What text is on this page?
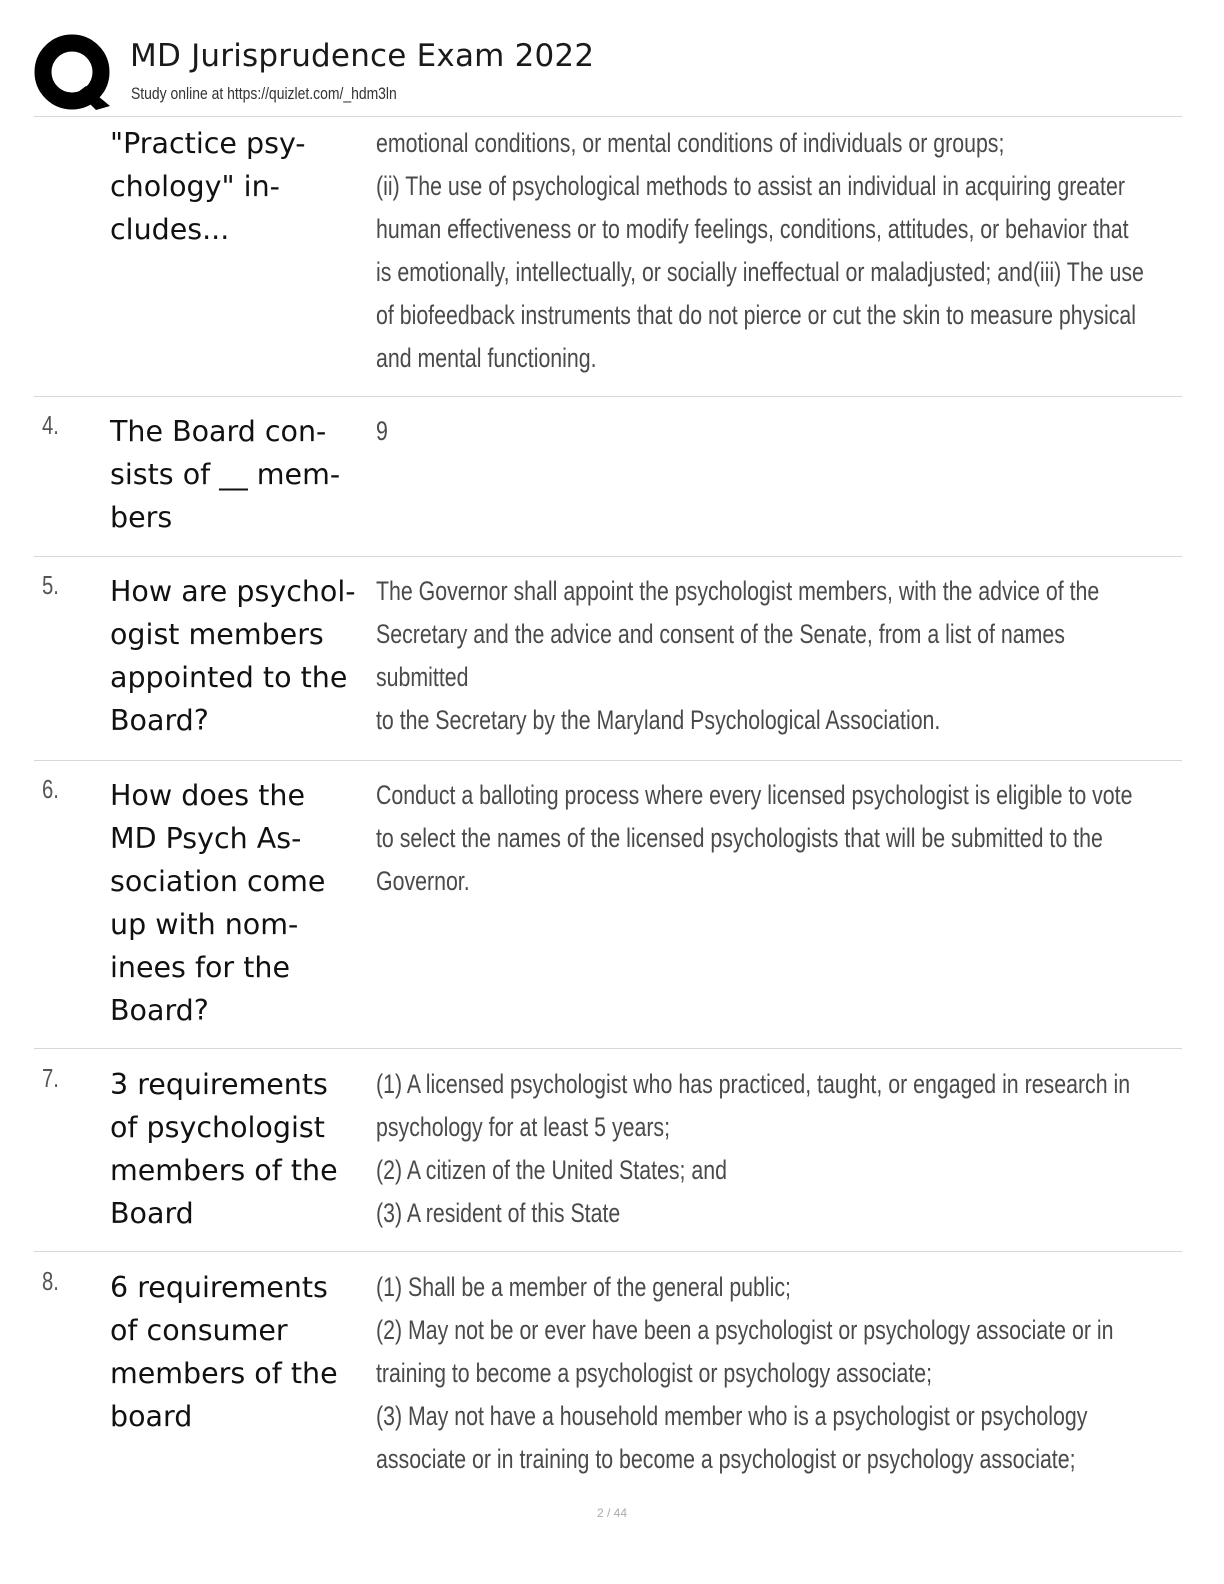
MD Jurisprudence Exam 2022
Study online at https://quizlet.com/_hdm3ln
"Practice psy-
chology" in-
cludes...

emotional conditions, or mental conditions of individuals or groups;
(ii) The use of psychological methods to assist an individual in acquiring greater
human effectiveness or to modify feelings, conditions, attitudes, or behavior that
is emotionally, intellectually, or socially ineffectual or maladjusted; and(iii) The use
of biofeedback instruments that do not pierce or cut the skin to measure physical
and mental functioning.

4. The Board con-
sists of __ mem-
bers

9

5. How are psychol-
ogist members
appointed to the
Board?

The Governor shall appoint the psychologist members, with the advice of the
Secretary and the advice and consent of the Senate, from a list of names submitted
to the Secretary by the Maryland Psychological Association.

6. How does the
MD Psych As-
sociation come
up with nom-
inees for the
Board?

Conduct a balloting process where every licensed psychologist is eligible to vote
to select the names of the licensed psychologists that will be submitted to the
Governor.

7. 3 requirements
of psychologist
members of the
Board

(1) A licensed psychologist who has practiced, taught, or engaged in research in
psychology for at least 5 years;
(2) A citizen of the United States; and
(3) A resident of this State

8. 6 requirements
of consumer
members of the
board

(1) Shall be a member of the general public;
(2) May not be or ever have been a psychologist or psychology associate or in
training to become a psychologist or psychology associate;
(3) May not have a household member who is a psychologist or psychology
associate or in training to become a psychologist or psychology associate;

2 / 44
